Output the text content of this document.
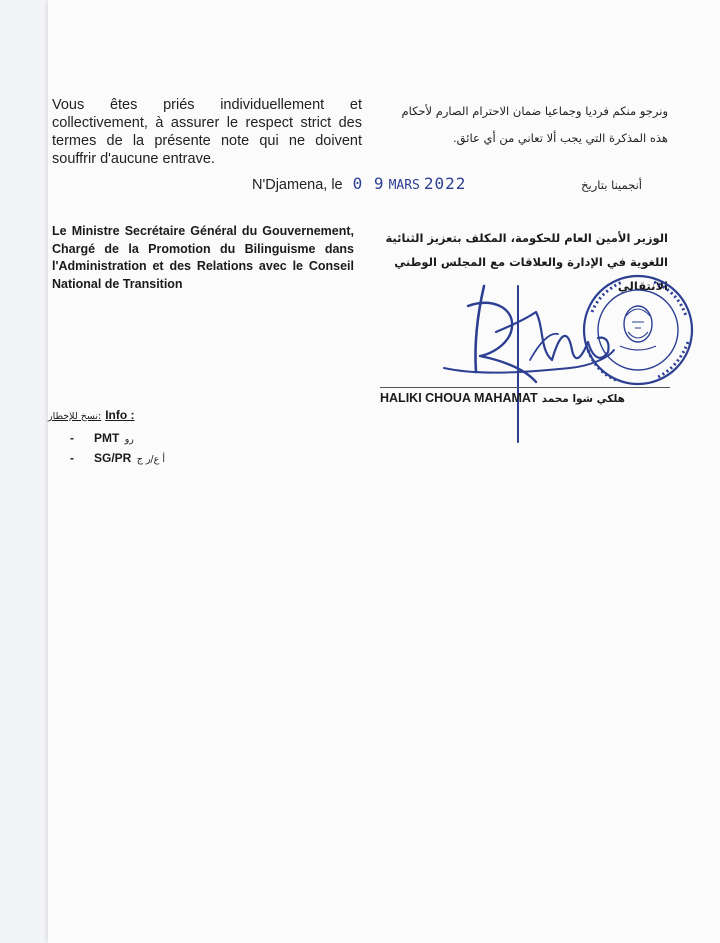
Vous êtes priés individuellement et collectivement, à assurer le respect strict des termes de la présente note qui ne doivent souffrir d'aucune entrave.

ونرجو منكم فرديا وجماعيا ضمان الاحترام الصارم لأحكام
هذه المذكرة التي يجب ألا تعاني من أي عائق.
N'Djamena, le 0 9 MARS 2022	أنجمينا بتاريخ

Le Ministre Secrétaire Général du Gouvernement, Chargé de la Promotion du Bilinguisme dans l'Administration et des Relations avec le Conseil National de Transition

الوزير الأمين العام للحكومة، المكلف بتعزيز الثنائية
اللغوية في الإدارة والعلاقات مع المجلس الوطني الانتقالي
HALIKI CHOUA MAHAMAT هلكي شوا محمد
نسخ للإخطار: Info :
- PMT رو
- SG/PR أ ع/ر ج
